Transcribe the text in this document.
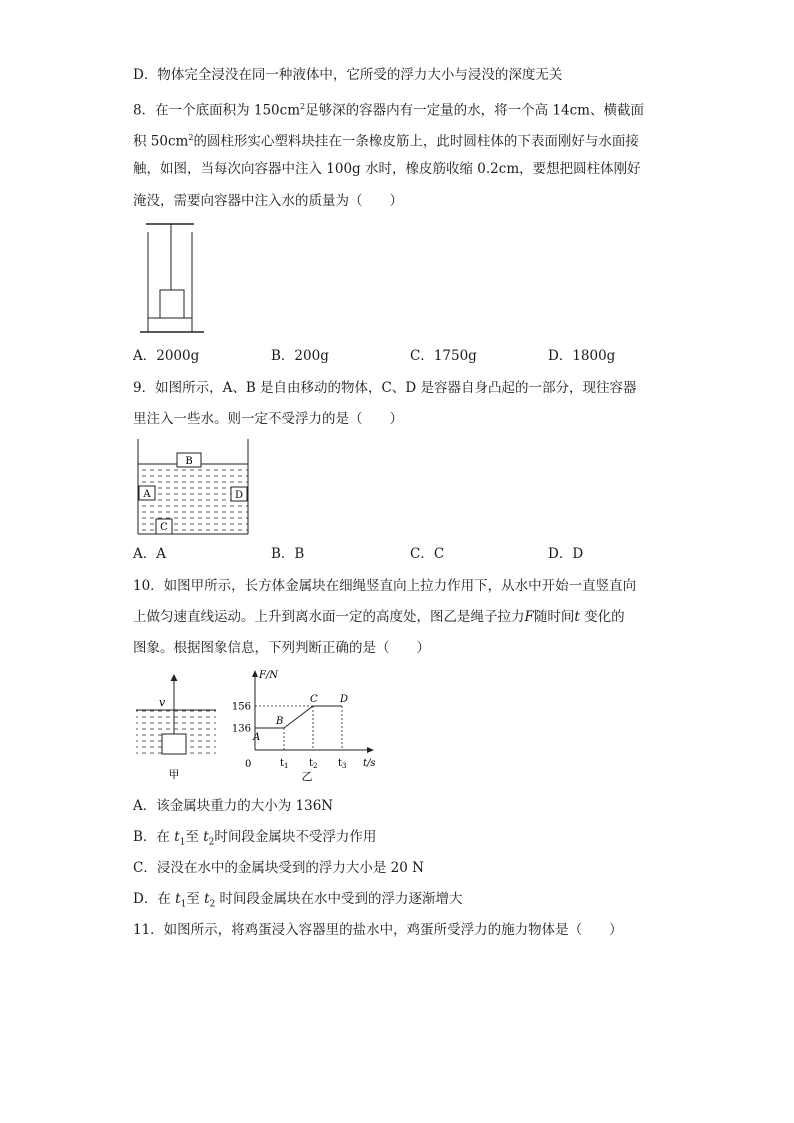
D．物体完全浸没在同一种液体中，它所受的浮力大小与浸没的深度无关
8．在一个底面积为 $150cm^2$足够深的容器内有一定量的水，将一个高 14cm、横截面
积 $50cm^2$的圆柱形实心塑料块挂在一条橡皮筋上，此时圆柱体的下表面刚好与水面接
触，如图，当每次向容器中注入 100g 水时，橡皮筋收缩 0.2cm，要想把圆柱体刚好
淹没，需要向容器中注入水的质量为（　　）
A．2000g	B．200g	C．1750g	D．1800g
9．如图所示，A、B 是自由移动的物体，C、D 是容器自身凸起的一部分，现往容器
里注入一些水。则一定不受浮力的是（　　）
B
A	D
C
A．A	B．B	C．C	D．D
10．如图甲所示，长方体金属块在细绳竖直向上拉力作用下，从水中开始一直竖直向
上做匀速直线运动。上升到离水面一定的高度处，图乙是绳子拉力F随时间t 变化的
图象。根据图象信息，下列判断正确的是（　　）
v
甲
F/N
t/s
0
乙
136
156
$t_1$ $t_2$ $t_3$
A
B
C D
A．该金属块重力的大小为 136N
B．在 $t_1$至 $t_2$时间段金属块不受浮力作用
C．浸没在水中的金属块受到的浮力大小是 20 N
D．在 $t_1$至 $t_2$ 时间段金属块在水中受到的浮力逐渐增大
11．如图所示，将鸡蛋浸入容器里的盐水中，鸡蛋所受浮力的施力物体是（　　）
